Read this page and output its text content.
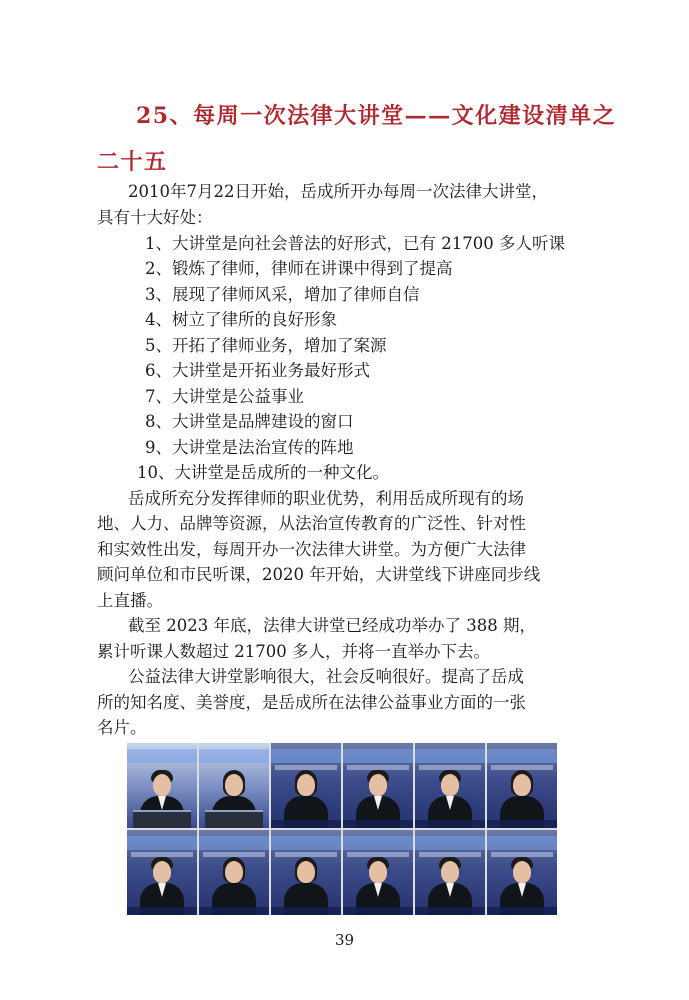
25、每周一次法律大讲堂——文化建设清单之
二十五
2010年7月22日开始，岳成所开办每周一次法律大讲堂，
具有十大好处：
1、大讲堂是向社会普法的好形式，已有 21700 多人听课
2、锻炼了律师，律师在讲课中得到了提高
3、展现了律师风采，增加了律师自信
4、树立了律所的良好形象
5、开拓了律师业务，增加了案源
6、大讲堂是开拓业务最好形式
7、大讲堂是公益事业
8、大讲堂是品牌建设的窗口
9、大讲堂是法治宣传的阵地
10、大讲堂是岳成所的一种文化。
岳成所充分发挥律师的职业优势，利用岳成所现有的场
地、人力、品牌等资源，从法治宣传教育的广泛性、针对性
和实效性出发，每周开办一次法律大讲堂。为方便广大法律
顾问单位和市民听课，2020 年开始，大讲堂线下讲座同步线
上直播。
截至 2023 年底，法律大讲堂已经成功举办了 388 期，
累计听课人数超过 21700 多人，并将一直举办下去。
公益法律大讲堂影响很大，社会反响很好。提高了岳成
所的知名度、美誉度，是岳成所在法律公益事业方面的一张
名片。
39
